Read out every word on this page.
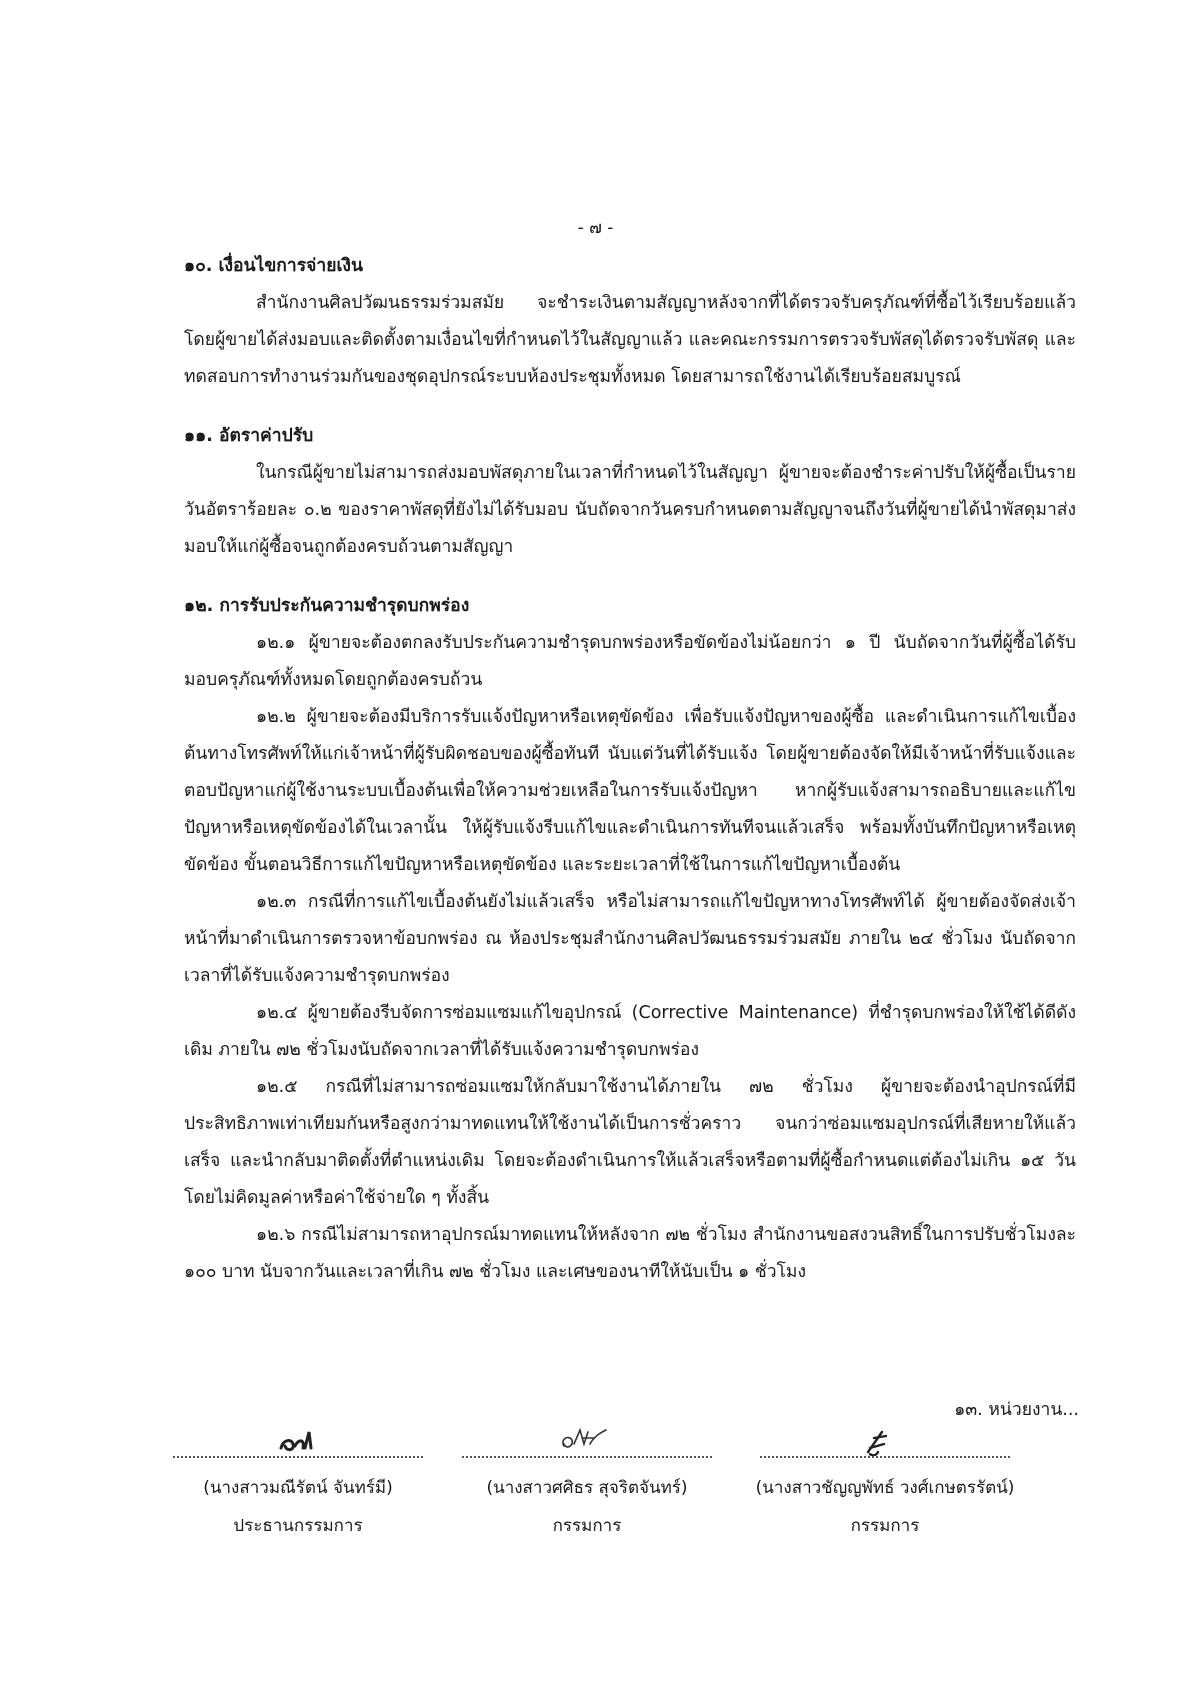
- ๗ -

๑๐. เงื่อนไขการจ่ายเงิน

สำนักงานศิลปวัฒนธรรมร่วมสมัย จะชำระเงินตามสัญญาหลังจากที่ได้ตรวจรับครุภัณฑ์ที่ซื้อไว้เรียบร้อยแล้ว โดยผู้ขายได้ส่งมอบและติดตั้งตามเงื่อนไขที่กำหนดไว้ในสัญญาแล้ว และคณะกรรมการตรวจรับพัสดุได้ตรวจรับพัสดุ และทดสอบการทำงานร่วมกันของชุดอุปกรณ์ระบบห้องประชุมทั้งหมด โดยสามารถใช้งานได้เรียบร้อยสมบูรณ์

๑๑. อัตราค่าปรับ

ในกรณีผู้ขายไม่สามารถส่งมอบพัสดุภายในเวลาที่กำหนดไว้ในสัญญา ผู้ขายจะต้องชำระค่าปรับให้ผู้ซื้อเป็นรายวันอัตราร้อยละ ๐.๒ ของราคาพัสดุที่ยังไม่ได้รับมอบ นับถัดจากวันครบกำหนดตามสัญญาจนถึงวันที่ผู้ขายได้นำพัสดุมาส่งมอบให้แก่ผู้ซื้อจนถูกต้องครบถ้วนตามสัญญา

๑๒. การรับประกันความชำรุดบกพร่อง

๑๒.๑ ผู้ขายจะต้องตกลงรับประกันความชำรุดบกพร่องหรือขัดข้องไม่น้อยกว่า ๑ ปี นับถัดจากวันที่ผู้ซื้อได้รับมอบครุภัณฑ์ทั้งหมดโดยถูกต้องครบถ้วน

๑๒.๒ ผู้ขายจะต้องมีบริการรับแจ้งปัญหาหรือเหตุขัดข้อง เพื่อรับแจ้งปัญหาของผู้ซื้อ และดำเนินการแก้ไขเบื้องต้นทางโทรศัพท์ให้แก่เจ้าหน้าที่ผู้รับผิดชอบของผู้ซื้อทันที นับแต่วันที่ได้รับแจ้ง โดยผู้ขายต้องจัดให้มีเจ้าหน้าที่รับแจ้งและตอบปัญหาแก่ผู้ใช้งานระบบเบื้องต้นเพื่อให้ความช่วยเหลือในการรับแจ้งปัญหา หากผู้รับแจ้งสามารถอธิบายและแก้ไขปัญหาหรือเหตุขัดข้องได้ในเวลานั้น ให้ผู้รับแจ้งรีบแก้ไขและดำเนินการทันทีจนแล้วเสร็จ พร้อมทั้งบันทึกปัญหาหรือเหตุขัดข้อง ขั้นตอนวิธีการแก้ไขปัญหาหรือเหตุขัดข้อง และระยะเวลาที่ใช้ในการแก้ไขปัญหาเบื้องต้น

๑๒.๓ กรณีที่การแก้ไขเบื้องต้นยังไม่แล้วเสร็จ หรือไม่สามารถแก้ไขปัญหาทางโทรศัพท์ได้ ผู้ขายต้องจัดส่งเจ้าหน้าที่มาดำเนินการตรวจหาข้อบกพร่อง ณ ห้องประชุมสำนักงานศิลปวัฒนธรรมร่วมสมัย ภายใน ๒๔ ชั่วโมง นับถัดจากเวลาที่ได้รับแจ้งความชำรุดบกพร่อง

๑๒.๔ ผู้ขายต้องรีบจัดการซ่อมแซมแก้ไขอุปกรณ์ (Corrective Maintenance) ที่ชำรุดบกพร่องให้ใช้ได้ดีดังเดิม ภายใน ๗๒ ชั่วโมงนับถัดจากเวลาที่ได้รับแจ้งความชำรุดบกพร่อง

๑๒.๕ กรณีที่ไม่สามารถซ่อมแซมให้กลับมาใช้งานได้ภายใน ๗๒ ชั่วโมง ผู้ขายจะต้องนำอุปกรณ์ที่มีประสิทธิภาพเท่าเทียมกันหรือสูงกว่ามาทดแทนให้ใช้งานได้เป็นการชั่วคราว จนกว่าซ่อมแซมอุปกรณ์ที่เสียหายให้แล้วเสร็จ และนำกลับมาติดตั้งที่ตำแหน่งเดิม โดยจะต้องดำเนินการให้แล้วเสร็จหรือตามที่ผู้ซื้อกำหนดแต่ต้องไม่เกิน ๑๕ วัน โดยไม่คิดมูลค่าหรือค่าใช้จ่ายใด ๆ ทั้งสิ้น

๑๒.๖ กรณีไม่สามารถหาอุปกรณ์มาทดแทนให้หลังจาก ๗๒ ชั่วโมง สำนักงานขอสงวนสิทธิ์ในการปรับชั่วโมงละ ๑๐๐ บาท นับจากวันและเวลาที่เกิน ๗๒ ชั่วโมง และเศษของนาทีให้นับเป็น ๑ ชั่วโมง

๑๓. หน่วยงาน...
(นางสาวมณีรัตน์ จันทร์มี)
ประธานกรรมการ
(นางสาวศศิธร สุจริตจันทร์)
กรรมการ
(นางสาวชัญญพัทธ์ วงศ์เกษตรรัตน์)
กรรมการ
